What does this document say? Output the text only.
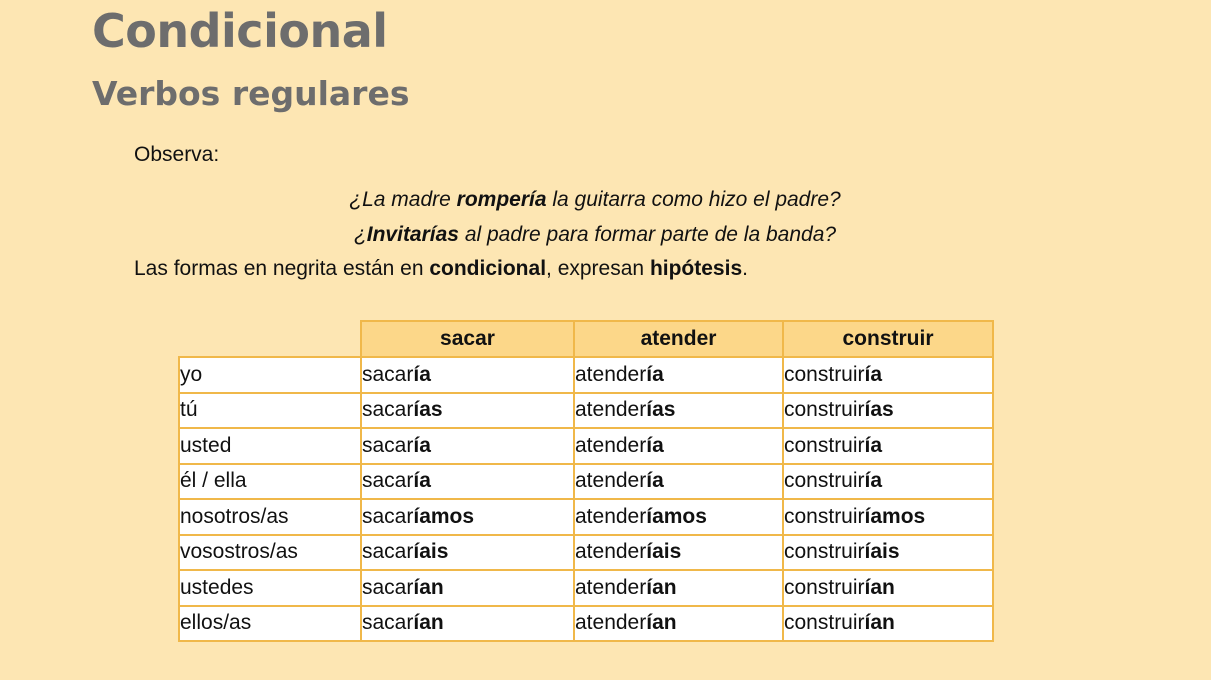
Condicional
Verbos regulares

Observa:

¿La madre rompería la guitarra como hizo el padre?

¿Invitarías al padre para formar parte de la banda?

Las formas en negrita están en condicional, expresan hipótesis.

	sacar	atender	construir
yo	sacaría	atendería	construiría
tú	sacarías	atenderías	construirías
usted	sacaría	atendería	construiría
él / ella	sacaría	atendería	construiría
nosotros/as	sacaríamos	atenderíamos	construiríamos
vosostros/as	sacaríais	atenderíais	construiríais
ustedes	sacarían	atenderían	construirían
ellos/as	sacarían	atenderían	construirían
